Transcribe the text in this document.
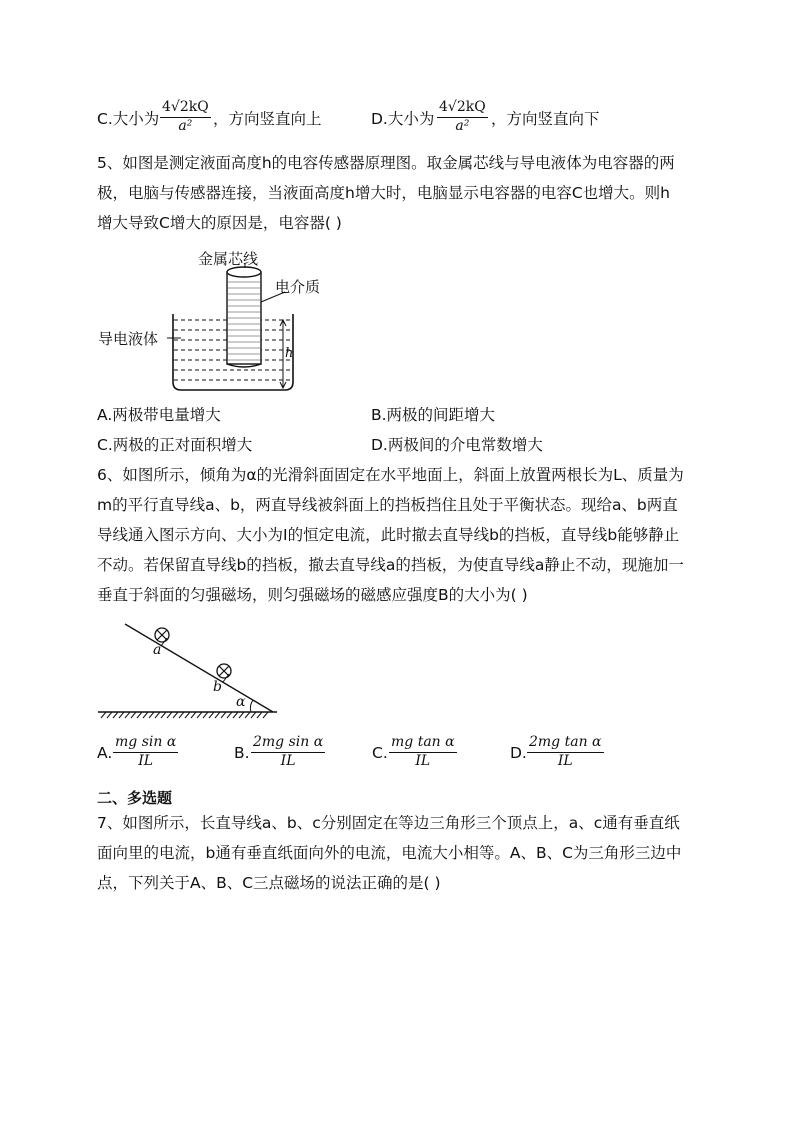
C.大小为 $\frac{4√2kQ}{\text{a²}}$ ，方向竖直向上	D.大小为 $\frac{4√2kQ}{\text{a²}}$ ，方向竖直向下
5、如图是测定液面高度h的电容传感器原理图。取金属芯线与导电液体为电容器的两
极，电脑与传感器连接，当液面高度h增大时，电脑显示电容器的电容C也增大。则h
增大导致C增大的原因是，电容器( )
金属芯线
电介质
导电液体
h
A.两极带电量增大	B.两极的间距增大
C.两极的正对面积增大	D.两极间的介电常数增大
6、如图所示，倾角为α的光滑斜面固定在水平地面上，斜面上放置两根长为L、质量为
m的平行直导线a、b，两直导线被斜面上的挡板挡住且处于平衡状态。现给a、b两直
导线通入图示方向、大小为I的恒定电流，此时撤去直导线b的挡板，直导线b能够静止
不动。若保留直导线b的挡板，撤去直导线a的挡板，为使直导线a静止不动，现施加一
垂直于斜面的匀强磁场，则匀强磁场的磁感应强度B的大小为( )
a
b
α
A. $\frac{\text{mg sin α}}{IL}$	B. $\frac{\text{2mg sin α}}{IL}$	C. $\frac{\text{mg tan α}}{IL}$	D. $\frac{\text{2mg tan α}}{IL}$
二、多选题
7、如图所示，长直导线a、b、c分别固定在等边三角形三个顶点上，a、c通有垂直纸
面向里的电流，b通有垂直纸面向外的电流，电流大小相等。A、B、C为三角形三边中
点，下列关于A、B、C三点磁场的说法正确的是( )
